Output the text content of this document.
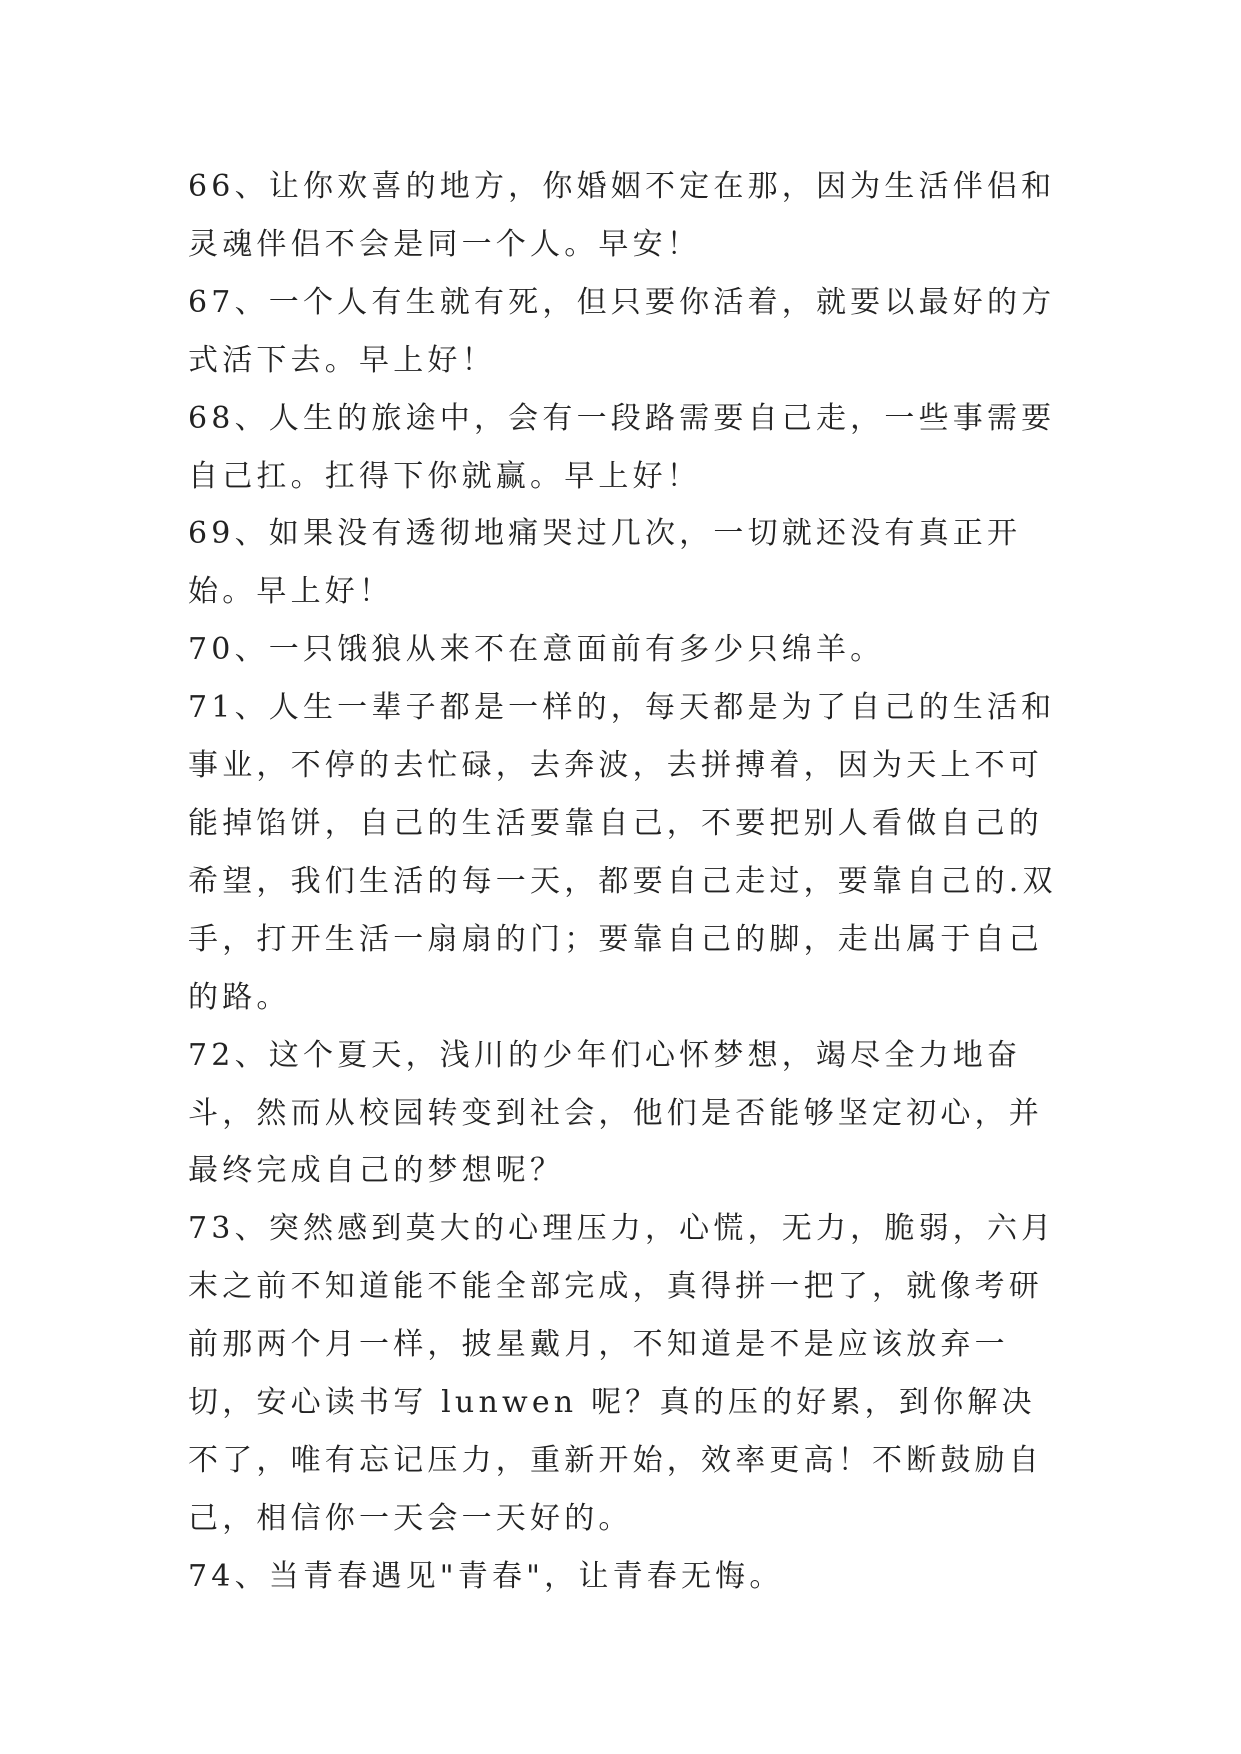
66、让你欢喜的地方，你婚姻不定在那，因为生活伴侣和灵魂伴侣不会是同一个人。早安！

67、一个人有生就有死，但只要你活着，就要以最好的方式活下去。早上好！

68、人生的旅途中，会有一段路需要自己走，一些事需要自己扛。扛得下你就赢。早上好！

69、如果没有透彻地痛哭过几次，一切就还没有真正开始。早上好！

70、一只饿狼从来不在意面前有多少只绵羊。

71、人生一辈子都是一样的，每天都是为了自己的生活和事业，不停的去忙碌，去奔波，去拼搏着，因为天上不可能掉馅饼，自己的生活要靠自己，不要把别人看做自己的希望，我们生活的每一天，都要自己走过，要靠自己的.双手，打开生活一扇扇的门；要靠自己的脚，走出属于自己的路。

72、这个夏天，浅川的少年们心怀梦想，竭尽全力地奋斗，然而从校园转变到社会，他们是否能够坚定初心，并最终完成自己的梦想呢？

73、突然感到莫大的心理压力，心慌，无力，脆弱，六月末之前不知道能不能全部完成，真得拼一把了，就像考研前那两个月一样，披星戴月，不知道是不是应该放弃一切，安心读书写 lunwen 呢？真的压的好累，到你解决不了，唯有忘记压力，重新开始，效率更高！不断鼓励自己，相信你一天会一天好的。

74、当青春遇见"青春"，让青春无悔。
